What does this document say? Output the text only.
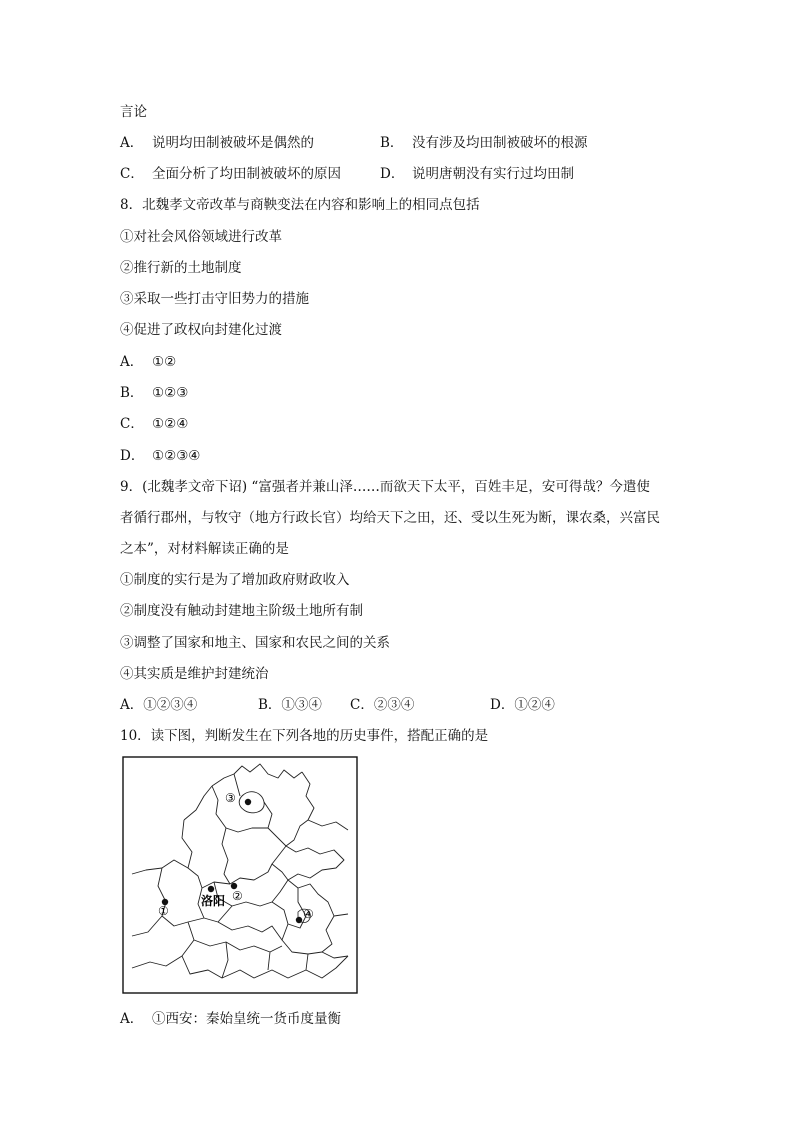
言论
A． 说明均田制被破坏是偶然的	B． 没有涉及均田制被破坏的根源
C． 全面分析了均田制被破坏的原因	D． 说明唐朝没有实行过均田制
8．北魏孝文帝改革与商鞅变法在内容和影响上的相同点包括
①对社会风俗领域进行改革
②推行新的土地制度
③采取一些打击守旧势力的措施
④促进了政权向封建化过渡
A． ①②
B． ①②③
C． ①②④
D． ①②③④
9．(北魏孝文帝下诏) “富强者并兼山泽……而欲天下太平，百姓丰足，安可得哉？今遣使
者循行郡州，与牧守（地方行政长官）均给天下之田，还、受以生死为断，课农桑，兴富民
之本”，对材料解读正确的是
①制度的实行是为了增加政府财政收入
②制度没有触动封建地主阶级土地所有制
③调整了国家和地主、国家和农民之间的关系
④其实质是维护封建统治
A．①②③④	B．①③④ C．②③④	D．①②④
10．读下图，判断发生在下列各地的历史事件，搭配正确的是
①
洛阳 ②
③
④
A． ①西安：秦始皇统一货币度量衡
